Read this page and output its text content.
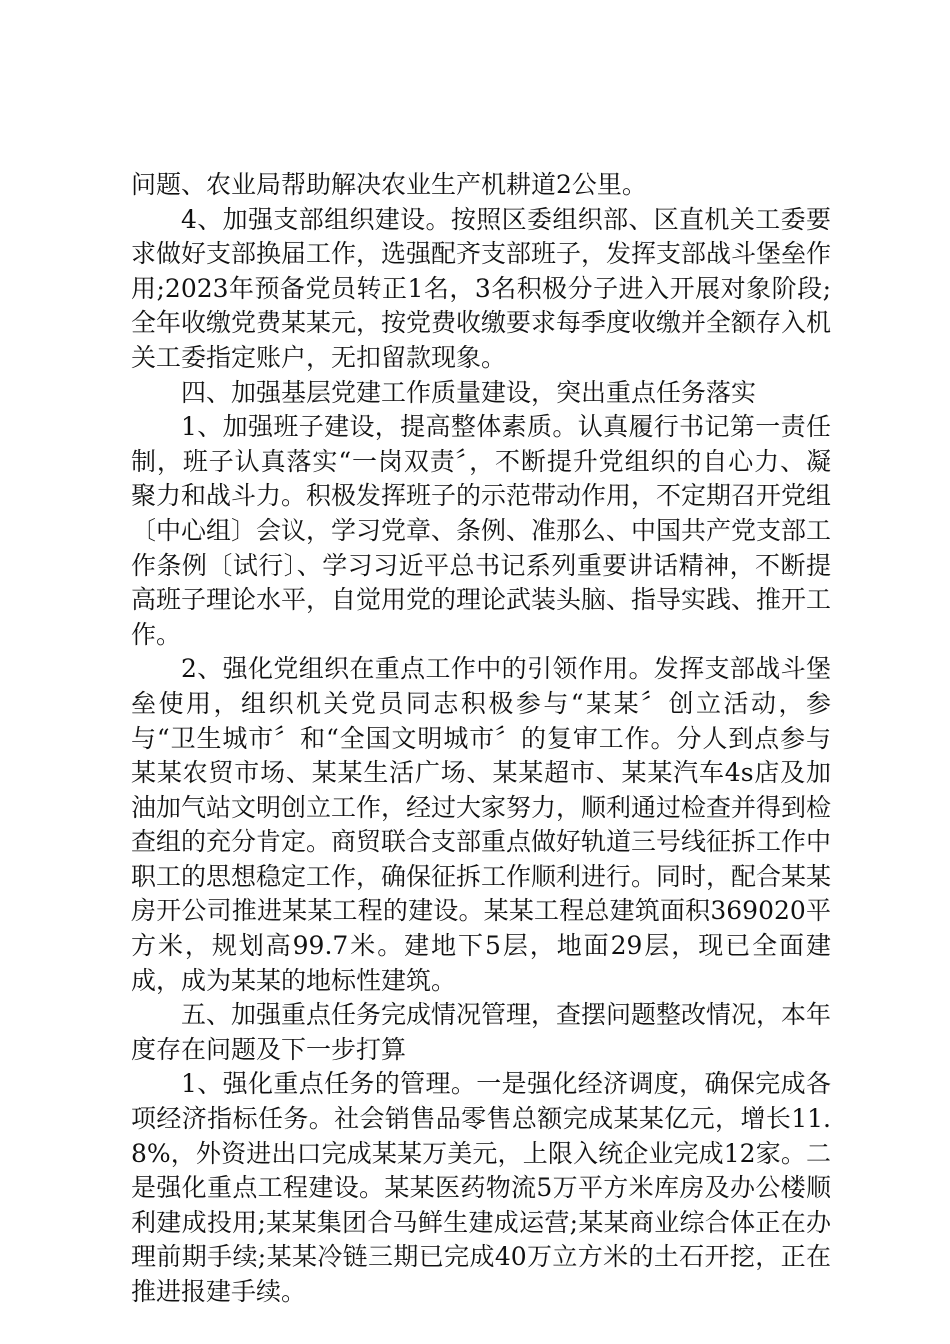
问题、农业局帮助解决农业生产机耕道2公里。

4、加强支部组织建设。按照区委组织部、区直机关工委要求做好支部换届工作，选强配齐支部班子，发挥支部战斗堡垒作用;2023年预备党员转正1名，3名积极分子进入开展对象阶段;全年收缴党费某某元，按党费收缴要求每季度收缴并全额存入机关工委指定账户，无扣留款现象。

四、加强基层党建工作质量建设，突出重点任务落实

1、加强班子建设，提高整体素质。认真履行书记第一责任制，班子认真落实“一岗双责〞，不断提升党组织的自心力、凝聚力和战斗力。积极发挥班子的示范带动作用，不定期召开党组〔中心组〕会议，学习党章、条例、准那么、中国共产党支部工作条例〔试行〕、学习习近平总书记系列重要讲话精神，不断提高班子理论水平，自觉用党的理论武装头脑、指导实践、推开工作。

2、强化党组织在重点工作中的引领作用。发挥支部战斗堡垒使用，组织机关党员同志积极参与“某某〞创立活动，参与“卫生城市〞和“全国文明城市〞的复审工作。分人到点参与某某农贸市场、某某生活广场、某某超市、某某汽车4s店及加油加气站文明创立工作，经过大家努力，顺利通过检查并得到检查组的充分肯定。商贸联合支部重点做好轨道三号线征拆工作中职工的思想稳定工作，确保征拆工作顺利进行。同时，配合某某房开公司推进某某工程的建设。某某工程总建筑面积369020平方米，规划高99.7米。建地下5层，地面29层，现已全面建成，成为某某的地标性建筑。

五、加强重点任务完成情况管理，查摆问题整改情况，本年度存在问题及下一步打算

1、强化重点任务的管理。一是强化经济调度，确保完成各项经济指标任务。社会销售品零售总额完成某某亿元，增长11.8%，外资进出口完成某某万美元，上限入统企业完成12家。二是强化重点工程建设。某某医药物流5万平方米库房及办公楼顺利建成投用;某某集团合马鲜生建成运营;某某商业综合体正在办理前期手续;某某冷链三期已完成40万立方米的土石开挖，正在推进报建手续。
